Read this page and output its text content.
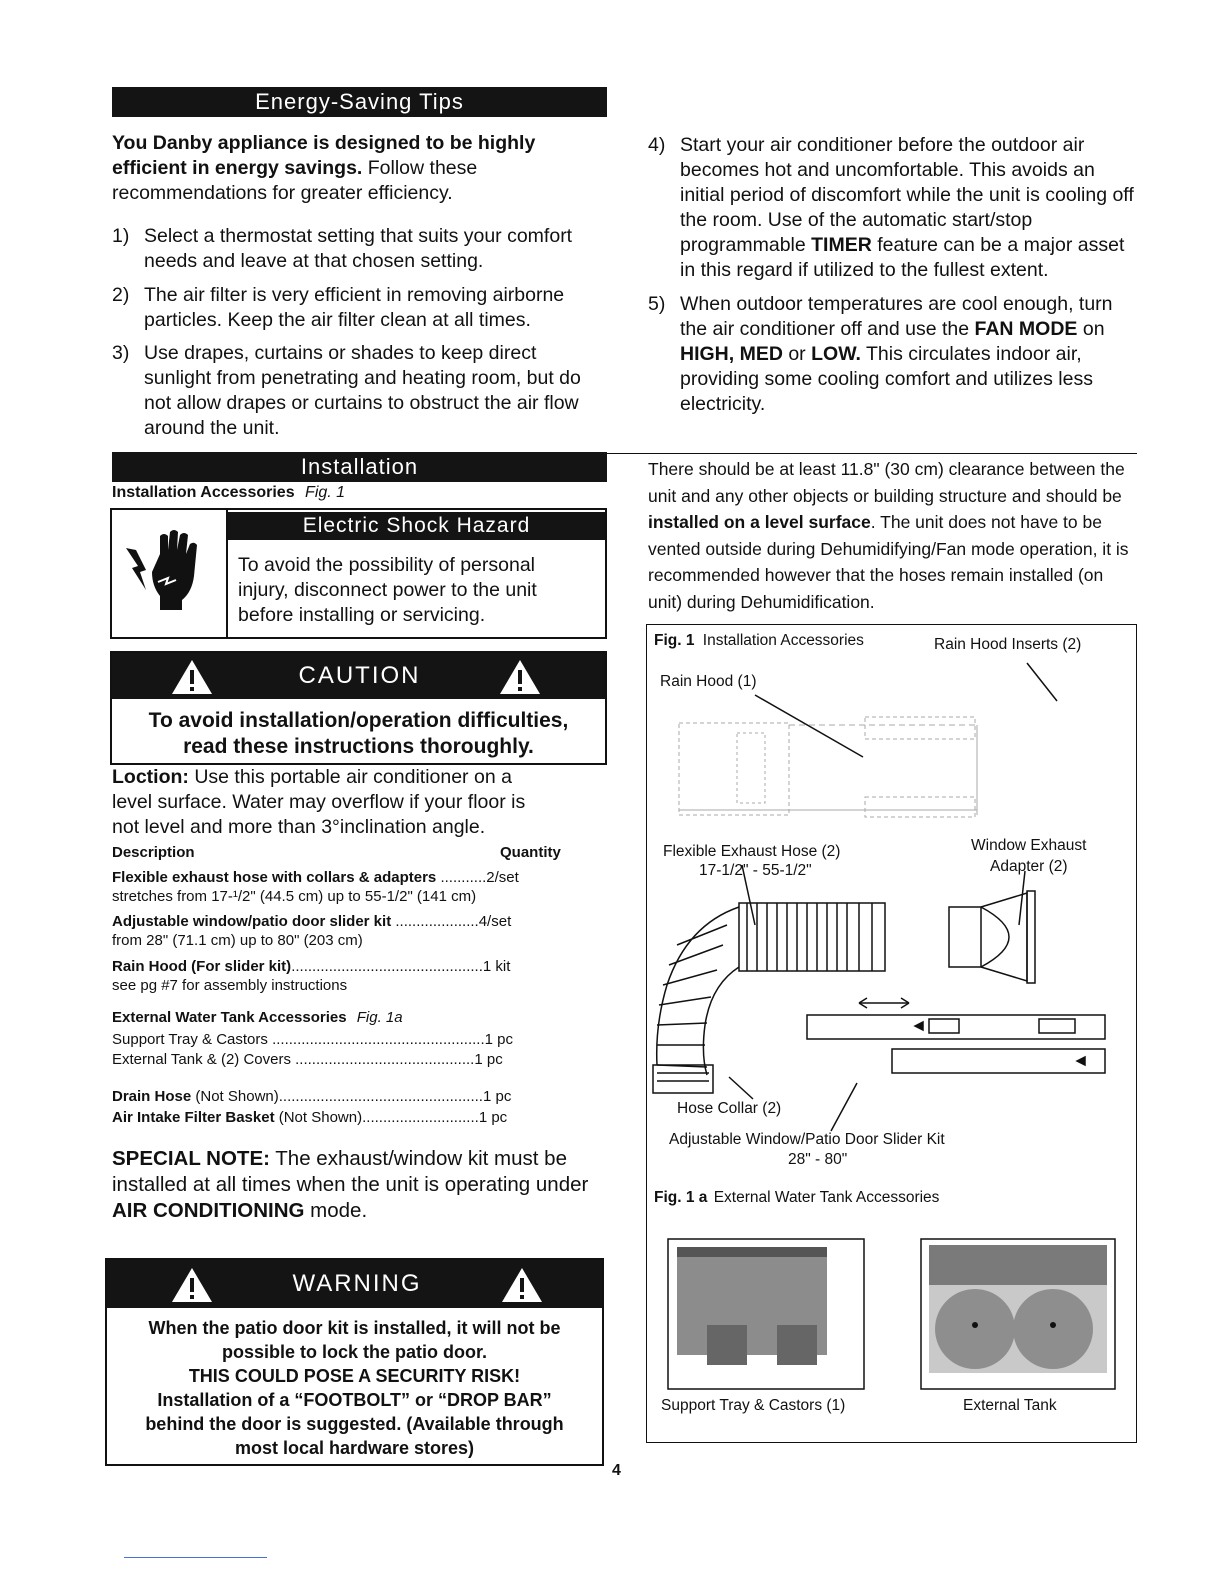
Energy-Saving Tips
You Danby appliance is designed to be highly efficient in energy savings. Follow these recommendations for greater efficiency.
1) Select a thermostat setting that suits your comfort needs and leave at that chosen setting.
2) The air filter is very efficient in removing airborne particles. Keep the air filter clean at all times.
3) Use drapes, curtains or shades to keep direct sunlight from penetrating and heating room, but do not allow drapes or curtains to obstruct the air flow around the unit.
Installation
Installation Accessories Fig. 1
Electric Shock Hazard
To avoid the possibility of personal injury, disconnect power to the unit before installing or servicing.
CAUTION
To avoid installation/operation difficulties,
read these instructions thoroughly.
Loction: Use this portable air conditioner on a level surface. Water may overflow if your floor is not level and more than 3°inclination angle.
Description	Quantity
Flexible exhaust hose with collars & adapters ...........2/set
stretches from 17-¹/2" (44.5 cm) up to 55-1/2" (141 cm)
Adjustable window/patio door slider kit ....................4/set
from 28" (71.1 cm) up to 80" (203 cm)
Rain Hood (For slider kit)..............................................1 kit
see pg #7 for assembly instructions
External Water Tank Accessories Fig. 1a
Support Tray & Castors ...................................................1 pc
External Tank & (2) Covers ...........................................1 pc
Drain Hose (Not Shown).................................................1 pc
Air Intake Filter Basket (Not Shown)............................1 pc
SPECIAL NOTE: The exhaust/window kit must be installed at all times when the unit is operating under AIR CONDITIONING mode.
WARNING
When the patio door kit is installed, it will not be
possible to lock the patio door.
THIS COULD POSE A SECURITY RISK!
Installation of a “FOOTBOLT” or “DROP BAR”
behind the door is suggested. (Available through
most local hardware stores)
4) Start your air conditioner before the outdoor air becomes hot and uncomfortable. This avoids an initial period of discomfort while the unit is cooling off the room. Use of the automatic start/stop programmable TIMER feature can be a major asset in this regard if utilized to the fullest extent.
5) When outdoor temperatures are cool enough, turn the air conditioner off and use the FAN MODE on HIGH, MED or LOW. This circulates indoor air, providing some cooling comfort and utilizes less electricity.
There should be at least 11.8" (30 cm) clearance between the unit and any other objects or building structure and should be installed on a level surface. The unit does not have to be vented outside during Dehumidifying/Fan mode operation, it is recommended however that the hoses remain installed (on unit) during Dehumidification.
Fig. 1 Installation Accessories	Rain Hood Inserts (2)
Rain Hood (1)
Flexible Exhaust Hose (2)
17-1/2" - 55-1/2"
Window Exhaust
Adapter (2)
Hose Collar (2)
Adjustable Window/Patio Door Slider Kit
28" - 80"
Fig. 1 a External Water Tank Accessories
Support Tray & Castors (1)	External Tank
4
